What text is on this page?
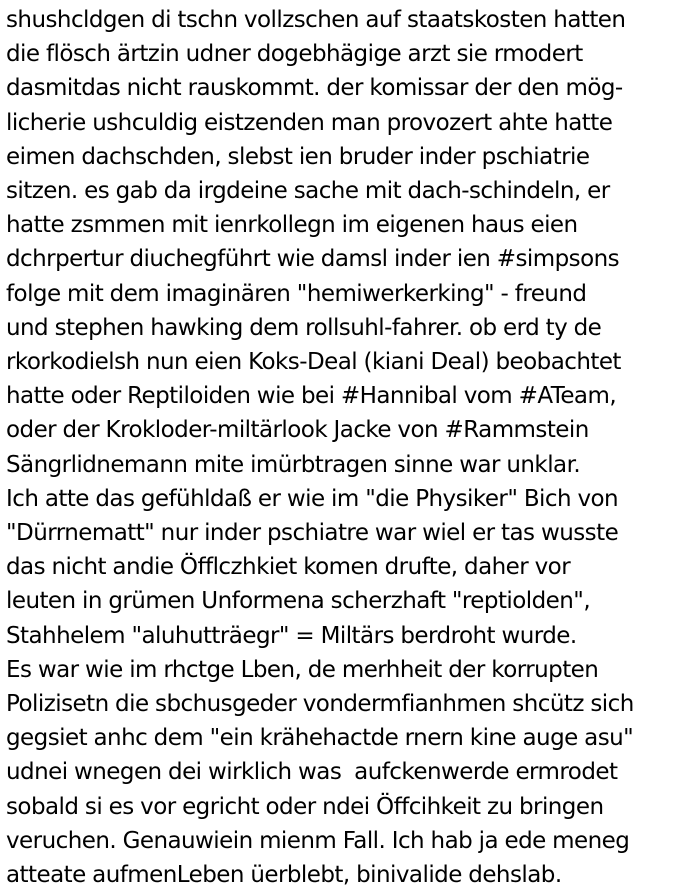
shushcldgen di tschn vollzschen auf staatskosten hatten
die flösch ärtzin udner dogebhägige arzt sie rmodert
dasmitdas nicht rauskommt. der komissar der den mög-
licherie ushculdig eistzenden man provozert ahte hatte
eimen dachschden, slebst ien bruder inder pschiatrie
sitzen. es gab da irgdeine sache mit dach-schindeln, er
hatte zsmmen mit ienrkollegn im eigenen haus eien
dchrpertur diuchegführt wie damsl inder ien #simpsons
folge mit dem imaginären "hemiwerkerking" - freund
und stephen hawking dem rollsuhl-fahrer. ob erd ty de
rkorkodielsh nun eien Koks-Deal (kiani Deal) beobachtet
hatte oder Reptiloiden wie bei #Hannibal vom #ATeam,
oder der Krokloder-miltärlook Jacke von #Rammstein
Sängrlidnemann mite imürbtragen sinne war unklar.
Ich atte das gefühldaß er wie im "die Physiker" Bich von
"Dürrnematt" nur inder pschiatre war wiel er tas wusste
das nicht andie Öfflczhkiet komen drufte, daher vor
leuten in grümen Unformena scherzhaft "reptiolden",
Stahhelem "aluhutträegr" = Miltärs berdroht wurde.
Es war wie im rhctge Lben, de merhheit der korrupten
Polizisetn die sbchusgeder vondermfianhmen shcütz sich
gegsiet anhc dem "ein krähehactde rnern kine auge asu"
udnei wnegen dei wirklich was  aufckenwerde ermrodet
sobald si es vor egricht oder ndei Öffcihkeit zu bringen
veruchen. Genauwiein mienm Fall. Ich hab ja ede meneg
atteate aufmenLeben üerblebt, binivalide dehslab.
